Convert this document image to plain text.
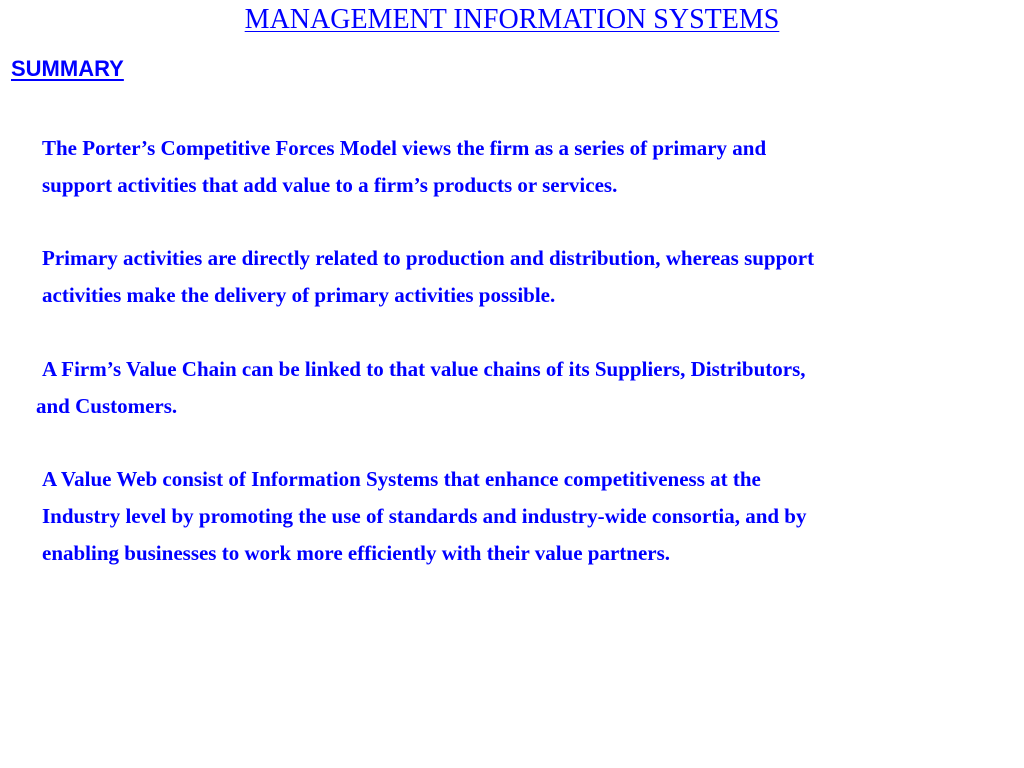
MANAGEMENT INFORMATION SYSTEMS
SUMMARY
The Porter’s Competitive Forces Model views the firm as a series of primary and
support activities that add value to a firm’s products or services.
Primary activities are directly related to production and distribution, whereas support
activities make the delivery of primary activities possible.
A Firm’s Value Chain can be linked to that value chains of its Suppliers, Distributors,
and Customers.
A Value Web consist of Information Systems that enhance competitiveness at the
Industry level by promoting the use of standards and industry-wide consortia, and by
enabling businesses to work more efficiently with their value partners.
